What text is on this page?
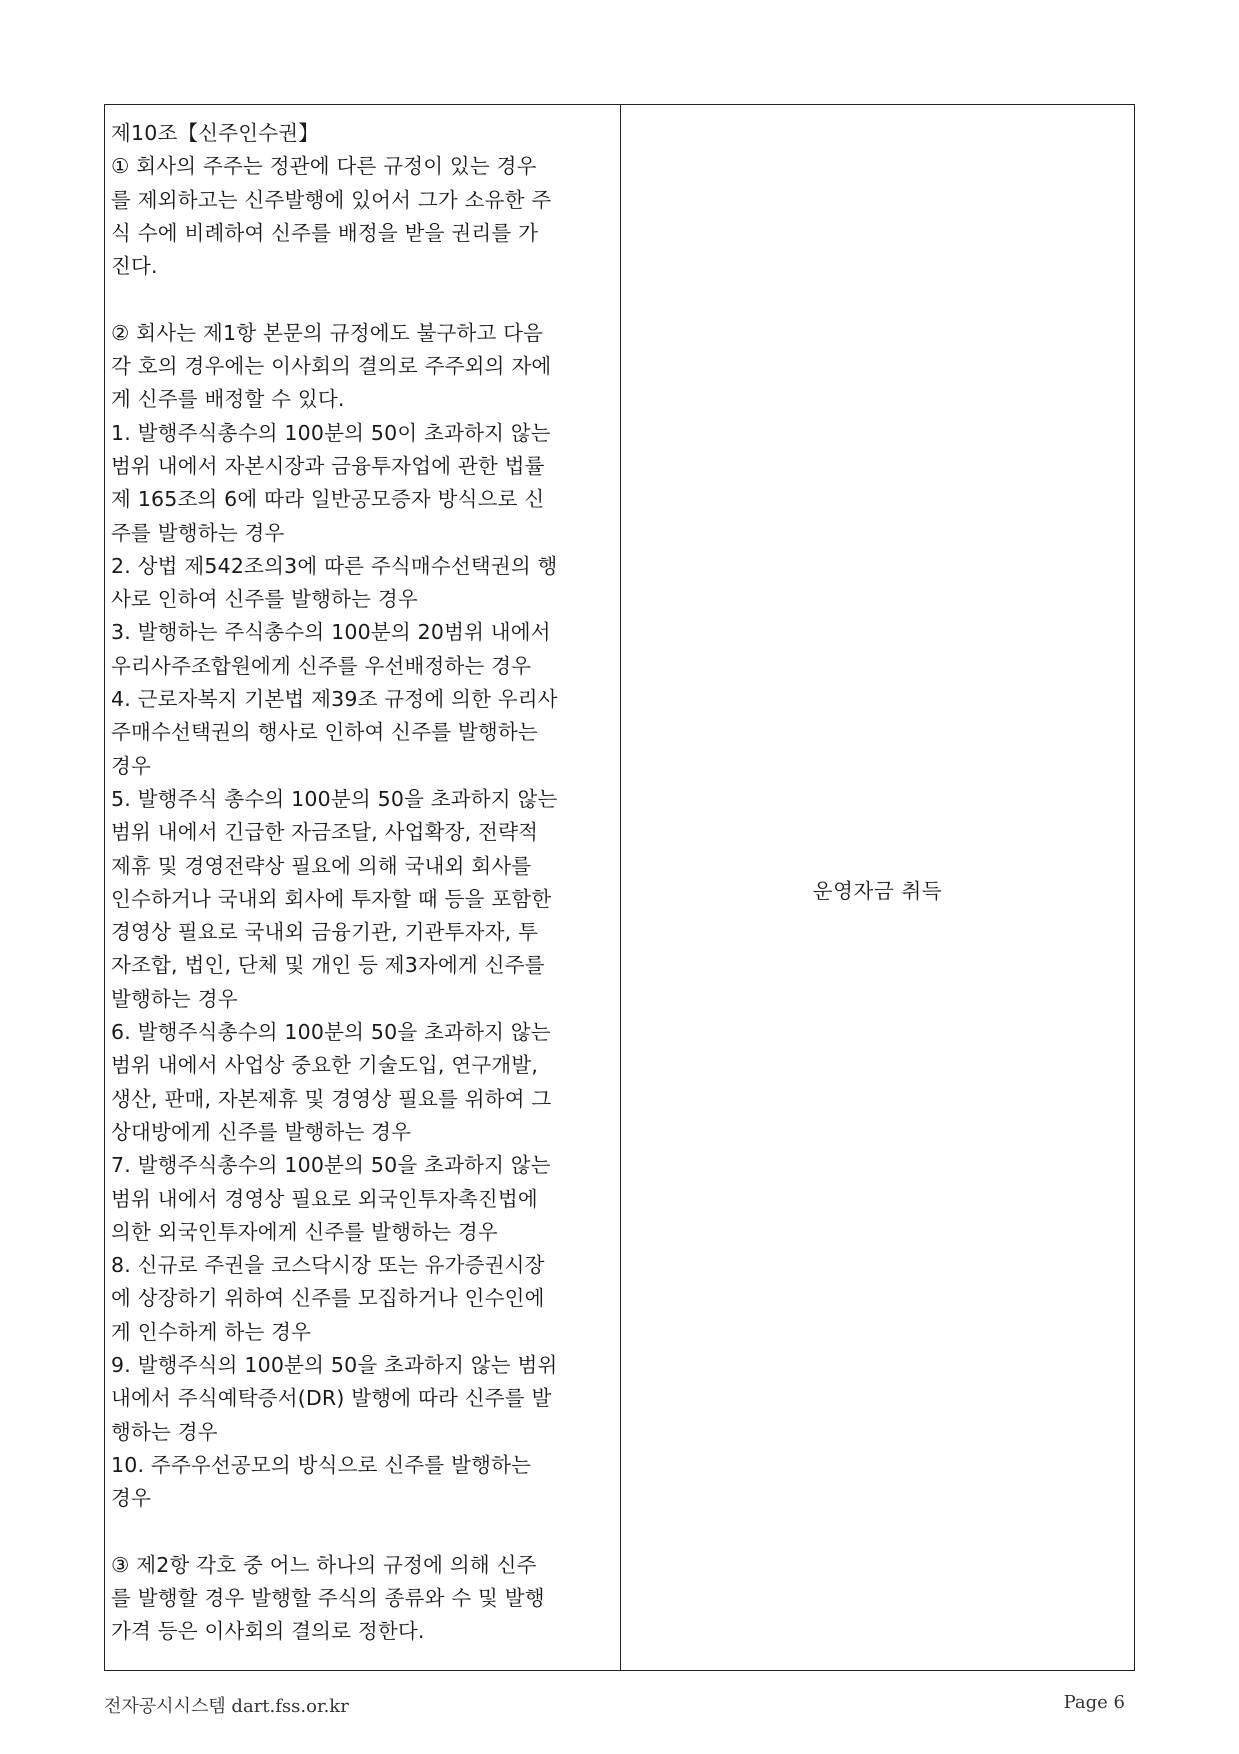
제10조【신주인수권】
① 회사의 주주는 정관에 다른 규정이 있는 경우
를 제외하고는 신주발행에 있어서 그가 소유한 주
식 수에 비례하여 신주를 배정을 받을 권리를 가
진다.

② 회사는 제1항 본문의 규정에도 불구하고 다음
각 호의 경우에는 이사회의 결의로 주주외의 자에
게 신주를 배정할 수 있다.
1. 발행주식총수의 100분의 50이 초과하지 않는
범위 내에서 자본시장과 금융투자업에 관한 법률
제 165조의 6에 따라 일반공모증자 방식으로 신
주를 발행하는 경우
2. 상법 제542조의3에 따른 주식매수선택권의 행
사로 인하여 신주를 발행하는 경우
3. 발행하는 주식총수의 100분의 20범위 내에서
우리사주조합원에게 신주를 우선배정하는 경우
4. 근로자복지 기본법 제39조 규정에 의한 우리사
주매수선택권의 행사로 인하여 신주를 발행하는
경우
5. 발행주식 총수의 100분의 50을 초과하지 않는
범위 내에서 긴급한 자금조달, 사업확장, 전략적
제휴 및 경영전략상 필요에 의해 국내외 회사를
인수하거나 국내외 회사에 투자할 때 등을 포함한
경영상 필요로 국내외 금융기관, 기관투자자, 투
자조합, 법인, 단체 및 개인 등 제3자에게 신주를
발행하는 경우
6. 발행주식총수의 100분의 50을 초과하지 않는
범위 내에서 사업상 중요한 기술도입, 연구개발,
생산, 판매, 자본제휴 및 경영상 필요를 위하여 그
상대방에게 신주를 발행하는 경우
7. 발행주식총수의 100분의 50을 초과하지 않는
범위 내에서 경영상 필요로 외국인투자촉진법에
의한 외국인투자에게 신주를 발행하는 경우
8. 신규로 주권을 코스닥시장 또는 유가증권시장
에 상장하기 위하여 신주를 모집하거나 인수인에
게 인수하게 하는 경우
9. 발행주식의 100분의 50을 초과하지 않는 범위
내에서 주식예탁증서(DR) 발행에 따라 신주를 발
행하는 경우
10. 주주우선공모의 방식으로 신주를 발행하는
경우

③ 제2항 각호 중 어느 하나의 규정에 의해 신주
를 발행할 경우 발행할 주식의 종류와 수 및 발행
가격 등은 이사회의 결의로 정한다.

운영자금 취득
전자공시시스템 dart.fss.or.kr	Page 6
